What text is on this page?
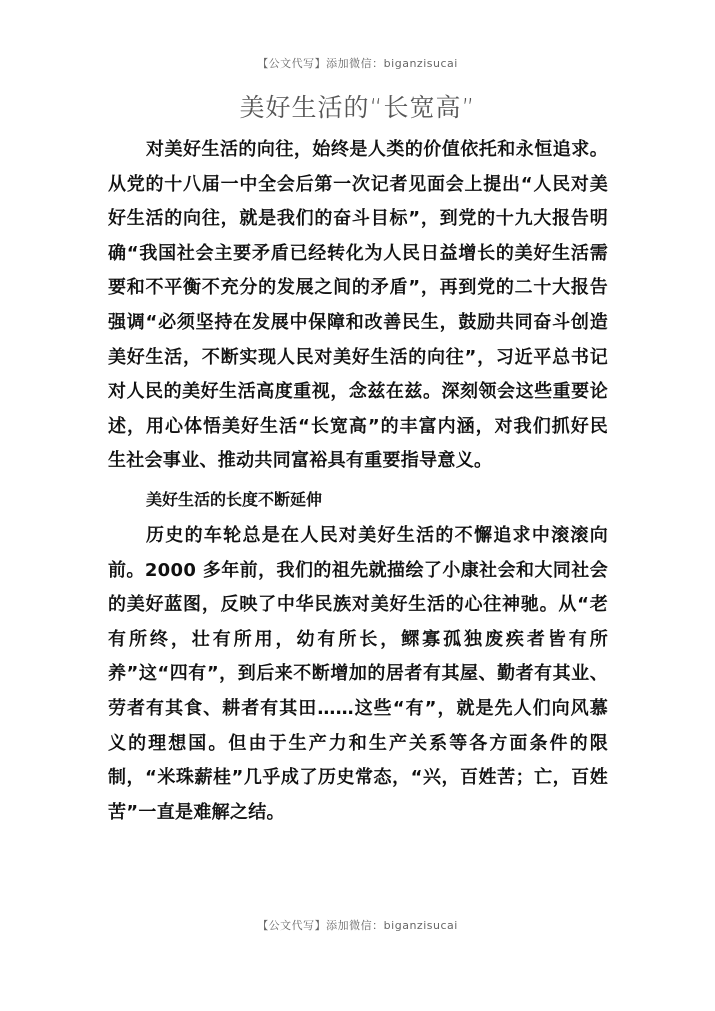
【公文代写】添加微信：biganzisucai
美好生活的“长宽高”

对美好生活的向往，始终是人类的价值依托和永恒追求。从党的十八届一中全会后第一次记者见面会上提出“人民对美好生活的向往，就是我们的奋斗目标”，到党的十九大报告明确“我国社会主要矛盾已经转化为人民日益增长的美好生活需要和不平衡不充分的发展之间的矛盾”，再到党的二十大报告强调“必须坚持在发展中保障和改善民生，鼓励共同奋斗创造美好生活，不断实现人民对美好生活的向往”，习近平总书记对人民的美好生活高度重视，念兹在兹。深刻领会这些重要论述，用心体悟美好生活“长宽高”的丰富内涵，对我们抓好民生社会事业、推动共同富裕具有重要指导意义。

美好生活的长度不断延伸

历史的车轮总是在人民对美好生活的不懈追求中滚滚向前。2000 多年前，我们的祖先就描绘了小康社会和大同社会的美好蓝图，反映了中华民族对美好生活的心往神驰。从“老有所终，壮有所用，幼有所长，鳏寡孤独废疾者皆有所养”这“四有”，到后来不断增加的居者有其屋、勤者有其业、劳者有其食、耕者有其田……这些“有”，就是先人们向风慕义的理想国。但由于生产力和生产关系等各方面条件的限制，“米珠薪桂”几乎成了历史常态，“兴，百姓苦；亡，百姓苦”一直是难解之结。

【公文代写】添加微信：biganzisucai
